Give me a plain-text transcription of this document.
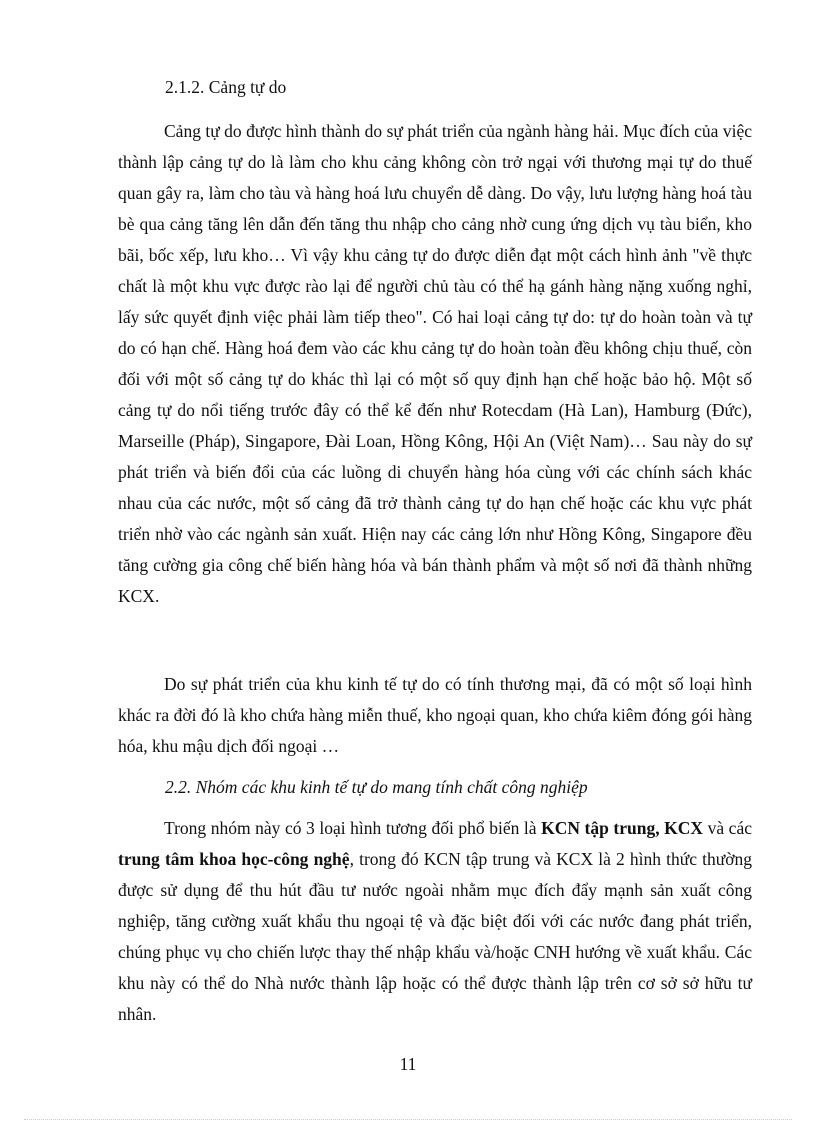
2.1.2. Cảng tự do

Cảng tự do được hình thành do sự phát triển của ngành hàng hải. Mục đích của việc thành lập cảng tự do là làm cho khu cảng không còn trở ngại với thương mại tự do thuế quan gây ra, làm cho tàu và hàng hoá lưu chuyển dễ dàng. Do vậy, lưu lượng hàng hoá tàu bè qua cảng tăng lên dẫn đến tăng thu nhập cho cảng nhờ cung ứng dịch vụ tàu biển, kho bãi, bốc xếp, lưu kho… Vì vậy khu cảng tự do được diễn đạt một cách hình ảnh "về thực chất là một khu vực được rào lại để người chủ tàu có thể hạ gánh hàng nặng xuống nghỉ, lấy sức quyết định việc phải làm tiếp theo". Có hai loại cảng tự do: tự do hoàn toàn và tự do có hạn chế. Hàng hoá đem vào các khu cảng tự do hoàn toàn đều không chịu thuế, còn đối với một số cảng tự do khác thì lại có một số quy định hạn chế hoặc bảo hộ. Một số cảng tự do nổi tiếng trước đây có thể kể đến như Rotecdam (Hà Lan), Hamburg (Đức), Marseille (Pháp), Singapore, Đài Loan, Hồng Kông, Hội An (Việt Nam)… Sau này do sự phát triển và biến đổi của các luồng di chuyển hàng hóa cùng với các chính sách khác nhau của các nước, một số cảng đã trở thành cảng tự do hạn chế hoặc các khu vực phát triển nhờ vào các ngành sản xuất. Hiện nay các cảng lớn như Hồng Kông, Singapore đều tăng cường gia công chế biến hàng hóa và bán thành phẩm và một số nơi đã thành những KCX.

Do sự phát triển của khu kinh tế tự do có tính thương mại, đã có một số loại hình khác ra đời đó là kho chứa hàng miễn thuế, kho ngoại quan, kho chứa kiêm đóng gói hàng hóa, khu mậu dịch đối ngoại …

2.2. Nhóm các khu kinh tế tự do mang tính chất công nghiệp

Trong nhóm này có 3 loại hình tương đối phổ biến là KCN tập trung, KCX và các trung tâm khoa học-công nghệ, trong đó KCN tập trung và KCX là 2 hình thức thường được sử dụng để thu hút đầu tư nước ngoài nhằm mục đích đẩy mạnh sản xuất công nghiệp, tăng cường xuất khẩu thu ngoại tệ và đặc biệt đối với các nước đang phát triển, chúng phục vụ cho chiến lược thay thế nhập khẩu và/hoặc CNH hướng về xuất khẩu. Các khu này có thể do Nhà nước thành lập hoặc có thể được thành lập trên cơ sở sở hữu tư nhân.

11
